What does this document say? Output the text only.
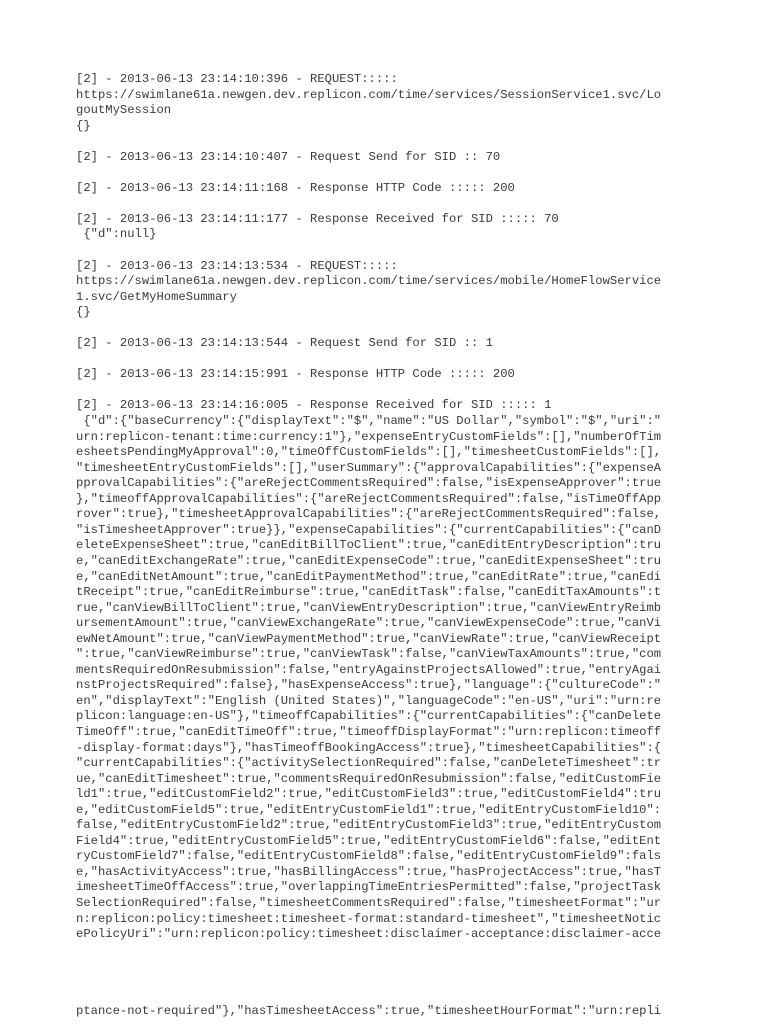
[2] - 2013-06-13 23:14:10:396 - REQUEST:::::
https://swimlane61a.newgen.dev.replicon.com/time/services/SessionService1.svc/Lo
goutMySession
{}
[2] - 2013-06-13 23:14:10:407 - Request Send for SID :: 70
[2] - 2013-06-13 23:14:11:168 - Response HTTP Code ::::: 200
[2] - 2013-06-13 23:14:11:177 - Response Received for SID ::::: 70
{"d":null}
[2] - 2013-06-13 23:14:13:534 - REQUEST:::::
https://swimlane61a.newgen.dev.replicon.com/time/services/mobile/HomeFlowService
1.svc/GetMyHomeSummary
{}
[2] - 2013-06-13 23:14:13:544 - Request Send for SID :: 1
[2] - 2013-06-13 23:14:15:991 - Response HTTP Code ::::: 200
[2] - 2013-06-13 23:14:16:005 - Response Received for SID ::::: 1
{"d":{"baseCurrency":{"displayText":"$","name":"US Dollar","symbol":"$","uri":"
urn:replicon-tenant:time:currency:1"},"expenseEntryCustomFields":[],"numberOfTim
esheetsPendingMyApproval":0,"timeOffCustomFields":[],"timesheetCustomFields":[],
"timesheetEntryCustomFields":[],"userSummary":{"approvalCapabilities":{"expenseA
pprovalCapabilities":{"areRejectCommentsRequired":false,"isExpenseApprover":true
},"timeoffApprovalCapabilities":{"areRejectCommentsRequired":false,"isTimeOffApp
rover":true},"timesheetApprovalCapabilities":{"areRejectCommentsRequired":false,
"isTimesheetApprover":true}},"expenseCapabilities":{"currentCapabilities":{"canD
eleteExpenseSheet":true,"canEditBillToClient":true,"canEditEntryDescription":tru
e,"canEditExchangeRate":true,"canEditExpenseCode":true,"canEditExpenseSheet":tru
e,"canEditNetAmount":true,"canEditPaymentMethod":true,"canEditRate":true,"canEdi
tReceipt":true,"canEditReimburse":true,"canEditTask":false,"canEditTaxAmounts":t
rue,"canViewBillToClient":true,"canViewEntryDescription":true,"canViewEntryReimb
ursementAmount":true,"canViewExchangeRate":true,"canViewExpenseCode":true,"canVi
ewNetAmount":true,"canViewPaymentMethod":true,"canViewRate":true,"canViewReceipt
":true,"canViewReimburse":true,"canViewTask":false,"canViewTaxAmounts":true,"com
mentsRequiredOnResubmission":false,"entryAgainstProjectsAllowed":true,"entryAgai
nstProjectsRequired":false},"hasExpenseAccess":true},"language":{"cultureCode":"
en","displayText":"English (United States)","languageCode":"en-US","uri":"urn:re
plicon:language:en-US"},"timeoffCapabilities":{"currentCapabilities":{"canDelete
TimeOff":true,"canEditTimeOff":true,"timeoffDisplayFormat":"urn:replicon:timeoff
-display-format:days"},"hasTimeoffBookingAccess":true},"timesheetCapabilities":{
"currentCapabilities":{"activitySelectionRequired":false,"canDeleteTimesheet":tr
ue,"canEditTimesheet":true,"commentsRequiredOnResubmission":false,"editCustomFie
ld1":true,"editCustomField2":true,"editCustomField3":true,"editCustomField4":tru
e,"editCustomField5":true,"editEntryCustomField1":true,"editEntryCustomField10":
false,"editEntryCustomField2":true,"editEntryCustomField3":true,"editEntryCustom
Field4":true,"editEntryCustomField5":true,"editEntryCustomField6":false,"editEnt
ryCustomField7":false,"editEntryCustomField8":false,"editEntryCustomField9":fals
e,"hasActivityAccess":true,"hasBillingAccess":true,"hasProjectAccess":true,"hasT
imesheetTimeOffAccess":true,"overlappingTimeEntriesPermitted":false,"projectTask
SelectionRequired":false,"timesheetCommentsRequired":false,"timesheetFormat":"ur
n:replicon:policy:timesheet:timesheet-format:standard-timesheet","timesheetNotic
ePolicyUri":"urn:replicon:policy:timesheet:disclaimer-acceptance:disclaimer-acce
ptance-not-required"},"hasTimesheetAccess":true,"timesheetHourFormat":"urn:repli
